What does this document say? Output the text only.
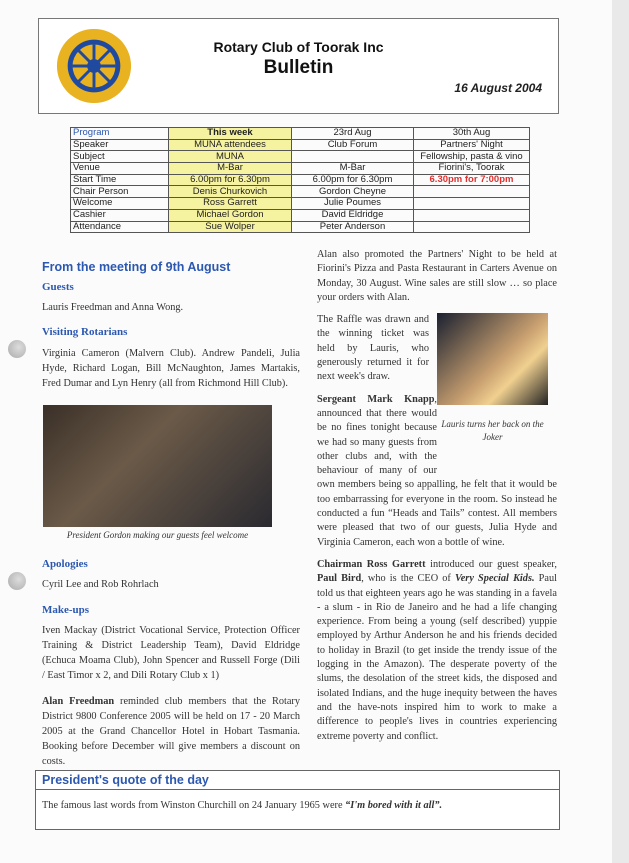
Rotary Club of Toorak Inc
Bulletin
16 August 2004
Program	This week	23rd Aug	30th Aug
Speaker	MUNA attendees	Club Forum	Partners' Night
Subject	MUNA		Fellowship, pasta & vino
Venue	M-Bar	M-Bar	Fiorini's, Toorak
Start Time	6.00pm for 6.30pm	6.00pm for 6.30pm	6.30pm for 7:00pm
Chair Person	Denis Churkovich	Gordon Cheyne	
Welcome	Ross Garrett	Julie Poumes	
Cashier	Michael Gordon	David Eldridge	
Attendance	Sue Wolper	Peter Anderson	
From the meeting of 9th August
Guests

Lauris Freedman and Anna Wong.

Visiting Rotarians

Virginia Cameron (Malvern Club). Andrew Pandeli, Julia Hyde, Richard Logan, Bill McNaughton, James Martakis, Fred Dumar and Lyn Henry (all from Richmond Hill Club).

Apologies

Cyril Lee and Rob Rohrlach

Make-ups

Iven Mackay (District Vocational Service, Protection Officer Training & District Leadership Team), David Eldridge (Echuca Moama Club), John Spencer and Russell Forge (Dili / East Timor x 2, and Dili Rotary Club x 1)

Alan Freedman reminded club members that the Rotary District 9800 Conference 2005 will be held on 17 - 20 March 2005 at the Grand Chancellor Hotel in Hobart Tasmania. Booking before December will give members a discount on costs.

President Gordon making our guests feel welcome

Alan also promoted the Partners' Night to be held at Fiorini's Pizza and Pasta Restaurant in Carters Avenue on Monday, 30 August. Wine sales are still slow … so place your orders with Alan.

The Raffle was drawn and the winning ticket was held by Lauris, who generously returned it for next week's draw.

Sergeant Mark Knapp, announced that there would be no fines tonight because we had so many guests from other clubs and, with the behaviour of many of our own members being so appalling, he felt that it would be too embarrassing for everyone in the room. So instead he conducted a fun “Heads and Tails” contest. All members were pleased that two of our guests, Julia Hyde and Virginia Cameron, each won a bottle of wine.

Chairman Ross Garrett introduced our guest speaker, Paul Bird, who is the CEO of Very Special Kids. Paul told us that eighteen years ago he was standing in a favela - a slum - in Rio de Janeiro and he had a life changing experience. From being a young (self described) yuppie employed by Arthur Anderson he and his friends decided to holiday in Brazil (to get inside the trendy issue of the logging in the Amazon). The desperate poverty of the slums, the desolation of the street kids, the disposed and isolated Indians, and the huge inequity between the haves and the have-nots inspired him to work to make a difference to people's lives in countries experiencing extreme poverty and conflict.

Lauris turns her back on the Joker
President's quote of the day
The famous last words from Winston Churchill on 24 January 1965 were “I'm bored with it all”.
